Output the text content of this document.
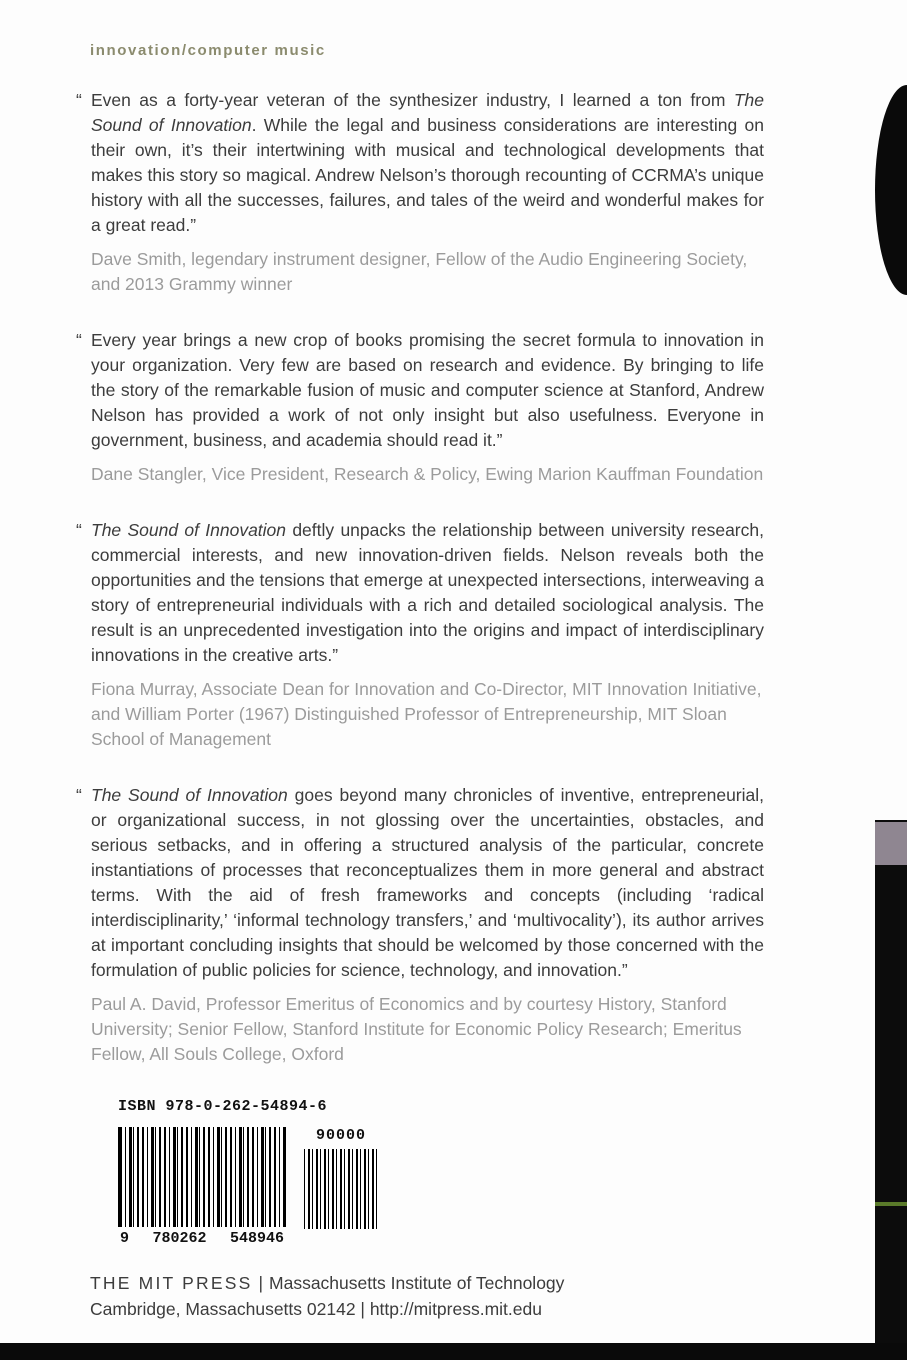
innovation/computer music

“ Even as a forty-year veteran of the synthesizer industry, I learned a ton from The Sound of Innovation. While the legal and business considerations are interesting on their own, it’s their intertwining with musical and technological developments that makes this story so magical. Andrew Nelson’s thorough recounting of CCRMA’s unique history with all the successes, failures, and tales of the weird and wonderful makes for a great read.”

Dave Smith, legendary instrument designer, Fellow of the Audio Engineering Society, and 2013 Grammy winner

“ Every year brings a new crop of books promising the secret formula to innovation in your organization. Very few are based on research and evidence. By bringing to life the story of the remarkable fusion of music and computer science at Stanford, Andrew Nelson has provided a work of not only insight but also usefulness. Everyone in government, business, and academia should read it.”

Dane Stangler, Vice President, Research & Policy, Ewing Marion Kauffman Foundation

“ The Sound of Innovation deftly unpacks the relationship between university research, commercial interests, and new innovation-driven fields. Nelson reveals both the opportunities and the tensions that emerge at unexpected intersections, interweaving a story of entrepreneurial individuals with a rich and detailed sociological analysis. The result is an unprecedented investigation into the origins and impact of interdisciplinary innovations in the creative arts.”

Fiona Murray, Associate Dean for Innovation and Co-Director, MIT Innovation Initiative, and William Porter (1967) Distinguished Professor of Entrepreneurship, MIT Sloan School of Management

“ The Sound of Innovation goes beyond many chronicles of inventive, entrepreneurial, or organizational success, in not glossing over the uncertainties, obstacles, and serious setbacks, and in offering a structured analysis of the particular, concrete instantiations of processes that reconceptualizes them in more general and abstract terms. With the aid of fresh frameworks and concepts (including ‘radical interdisciplinarity,’ ‘informal technology transfers,’ and ‘multivocality’), its author arrives at important concluding insights that should be welcomed by those concerned with the formulation of public policies for science, technology, and innovation.”

Paul A. David, Professor Emeritus of Economics and by courtesy History, Stanford University; Senior Fellow, Stanford Institute for Economic Policy Research; Emeritus Fellow, All Souls College, Oxford

ISBN 978-0-262-54894-6
9 780262 548946
90000
THE MIT PRESS | Massachusetts Institute of Technology
Cambridge, Massachusetts 02142 | http://mitpress.mit.edu
